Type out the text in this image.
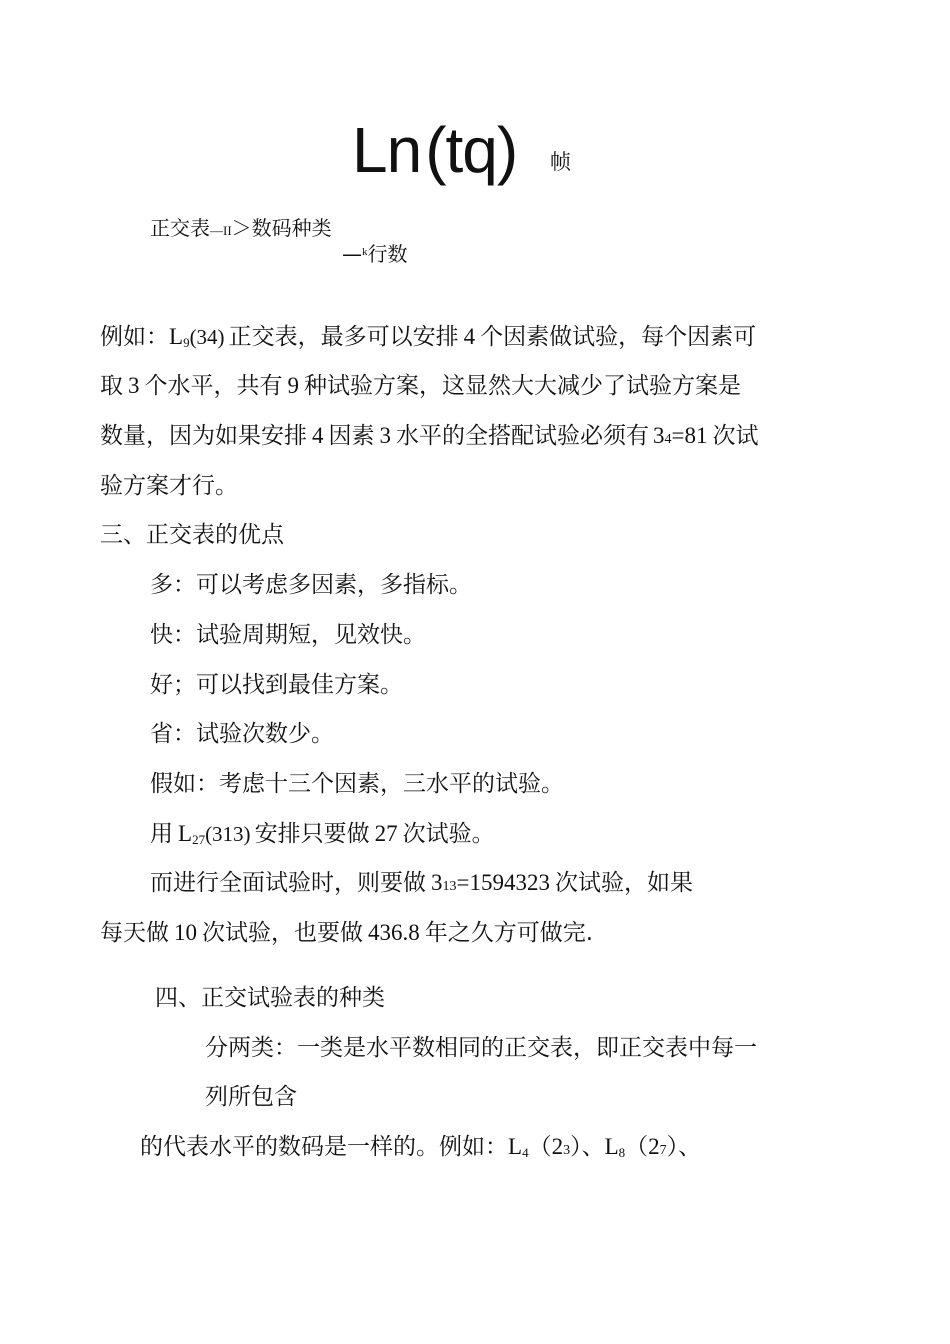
Ln(tq) 帧
正交表—II＞数码种类
—$^k$行数
例如：L9(34) 正交表，最多可以安排 4 个因素做试验，每个因素可
取 3 个水平，共有 9 种试验方案，这显然大大减少了试验方案是
数量，因为如果安排 4 因素 3 水平的全搭配试验必须有 34=81 次试
验方案才行。
三、正交表的优点
多：可以考虑多因素，多指标。
快：试验周期短，见效快。
好；可以找到最佳方案。
省：试验次数少。
假如：考虑十三个因素，三水平的试验。
用 L27(313) 安排只要做 27 次试验。
而进行全面试验时，则要做 313=1594323 次试验，如果
每天做 10 次试验，也要做 436.8 年之久方可做完.
四、正交试验表的种类
分两类：一类是水平数相同的正交表，即正交表中每一
列所包含
的代表水平的数码是一样的。例如：L4（23）、L8（27）、
